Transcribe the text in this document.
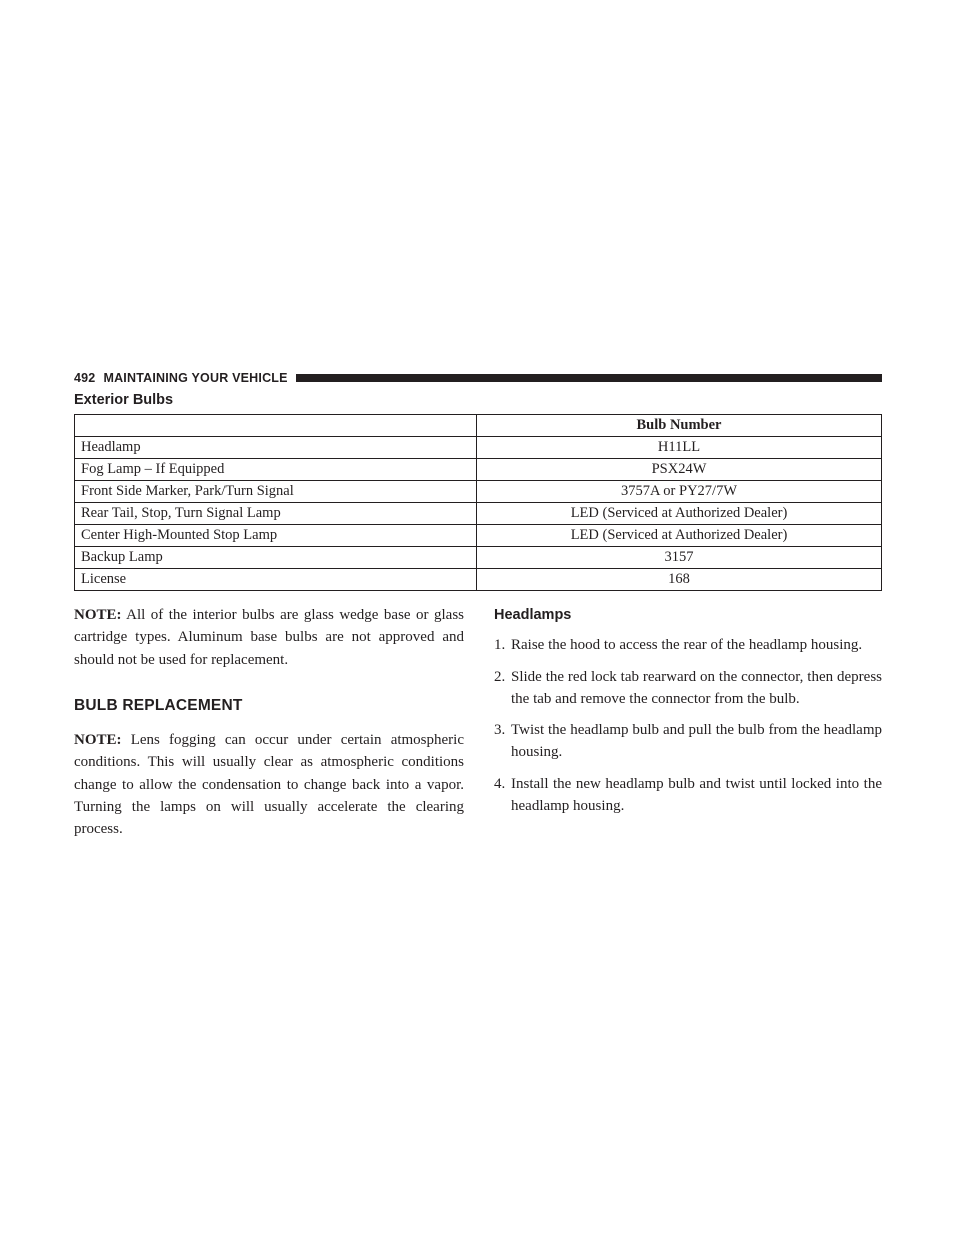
492 MAINTAINING YOUR VEHICLE
Exterior Bulbs
	Bulb Number
Headlamp	H11LL
Fog Lamp – If Equipped	PSX24W
Front Side Marker, Park/Turn Signal	3757A or PY27/7W
Rear Tail, Stop, Turn Signal Lamp	LED (Serviced at Authorized Dealer)
Center High-Mounted Stop Lamp	LED (Serviced at Authorized Dealer)
Backup Lamp	3157
License	168

NOTE: All of the interior bulbs are glass wedge base or glass cartridge types. Aluminum base bulbs are not approved and should not be used for replacement.

BULB REPLACEMENT

NOTE: Lens fogging can occur under certain atmospheric conditions. This will usually clear as atmospheric conditions change to allow the condensation to change back into a vapor. Turning the lamps on will usually accelerate the clearing process.

Headlamps
1. Raise the hood to access the rear of the headlamp housing.
2. Slide the red lock tab rearward on the connector, then depress the tab and remove the connector from the bulb.
3. Twist the headlamp bulb and pull the bulb from the headlamp housing.
4. Install the new headlamp bulb and twist until locked into the headlamp housing.
